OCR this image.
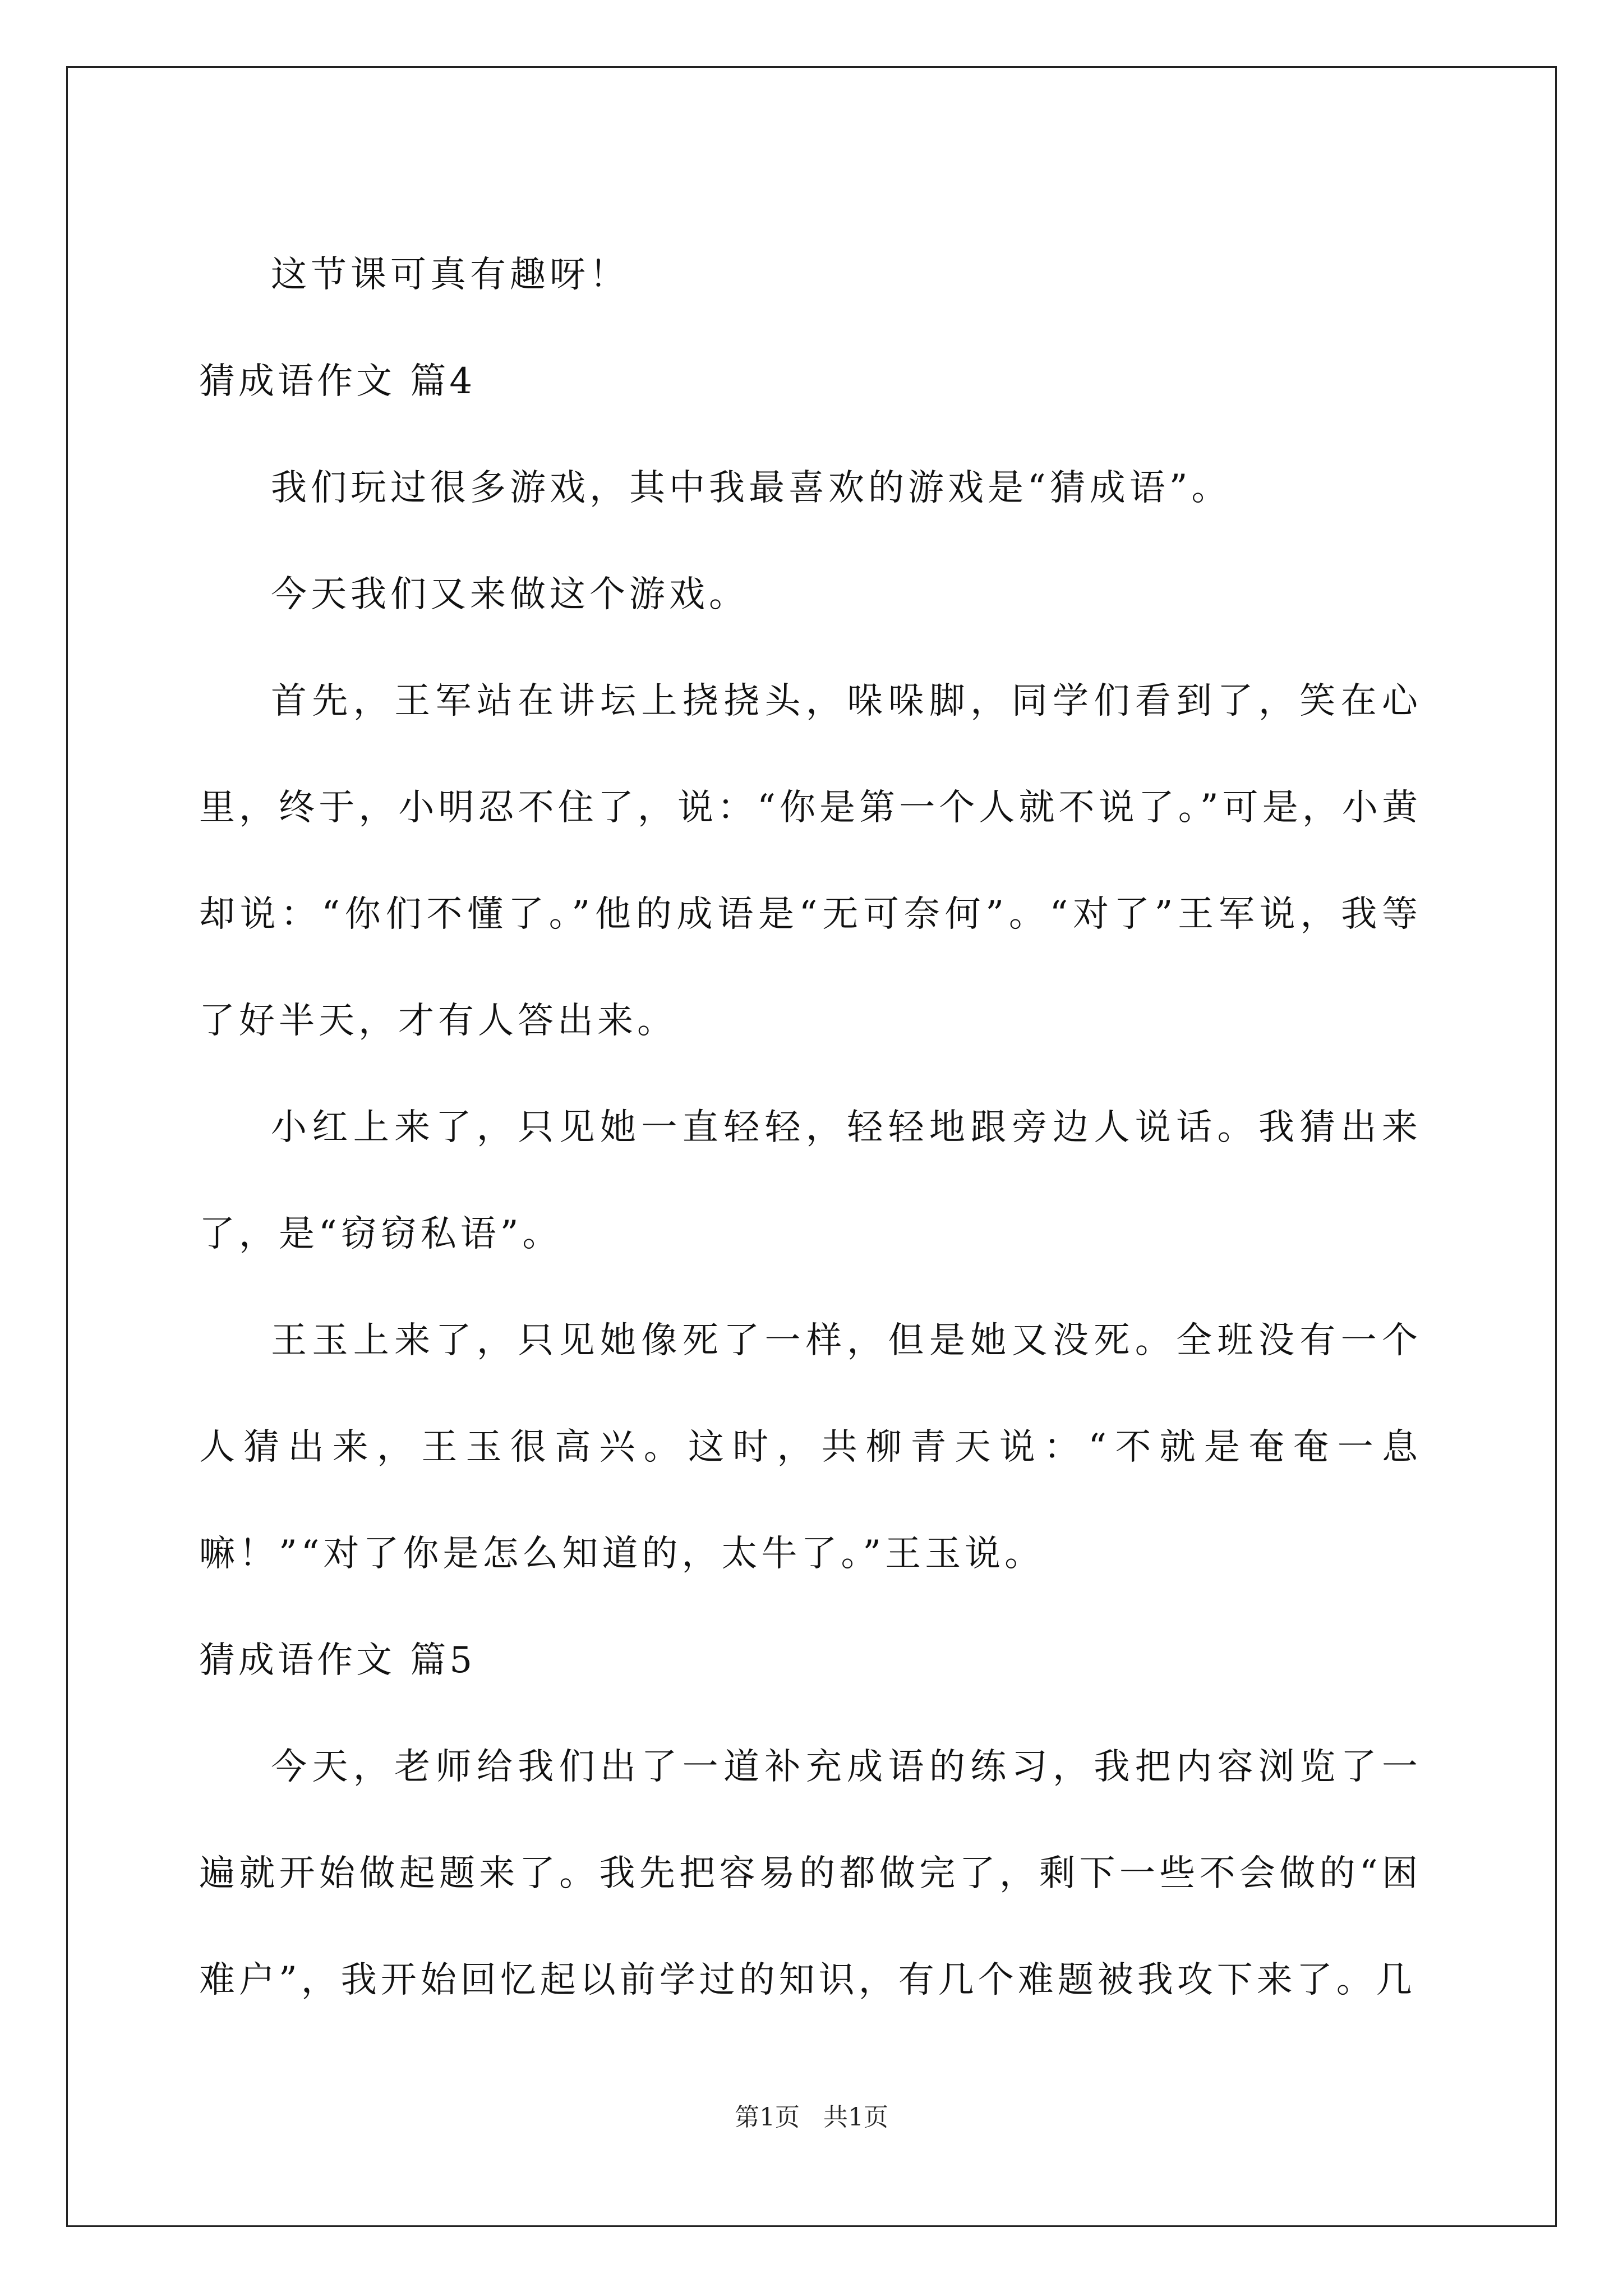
这节课可真有趣呀！

猜成语作文 篇4

我们玩过很多游戏，其中我最喜欢的游戏是“猜成语”。

今天我们又来做这个游戏。

首先，王军站在讲坛上挠挠头，哚哚脚，同学们看到了，笑在心里，终于，小明忍不住了，说：“你是第一个人就不说了。”可是，小黄却说：“你们不懂了。”他的成语是“无可奈何”。“对了”王军说，我等了好半天，才有人答出来。

小红上来了，只见她一直轻轻，轻轻地跟旁边人说话。我猜出来了，是“窃窃私语”。

王玉上来了，只见她像死了一样，但是她又没死。全班没有一个人猜出来，王玉很高兴。这时，共柳青天说：“不就是奄奄一息嘛！”“对了你是怎么知道的，太牛了。”王玉说。

猜成语作文 篇5

今天，老师给我们出了一道补充成语的练习，我把内容浏览了一遍就开始做起题来了。我先把容易的都做完了，剩下一些不会做的“困难户”，我开始回忆起以前学过的知识，有几个难题被我攻下来了。几

第1页 共1页
